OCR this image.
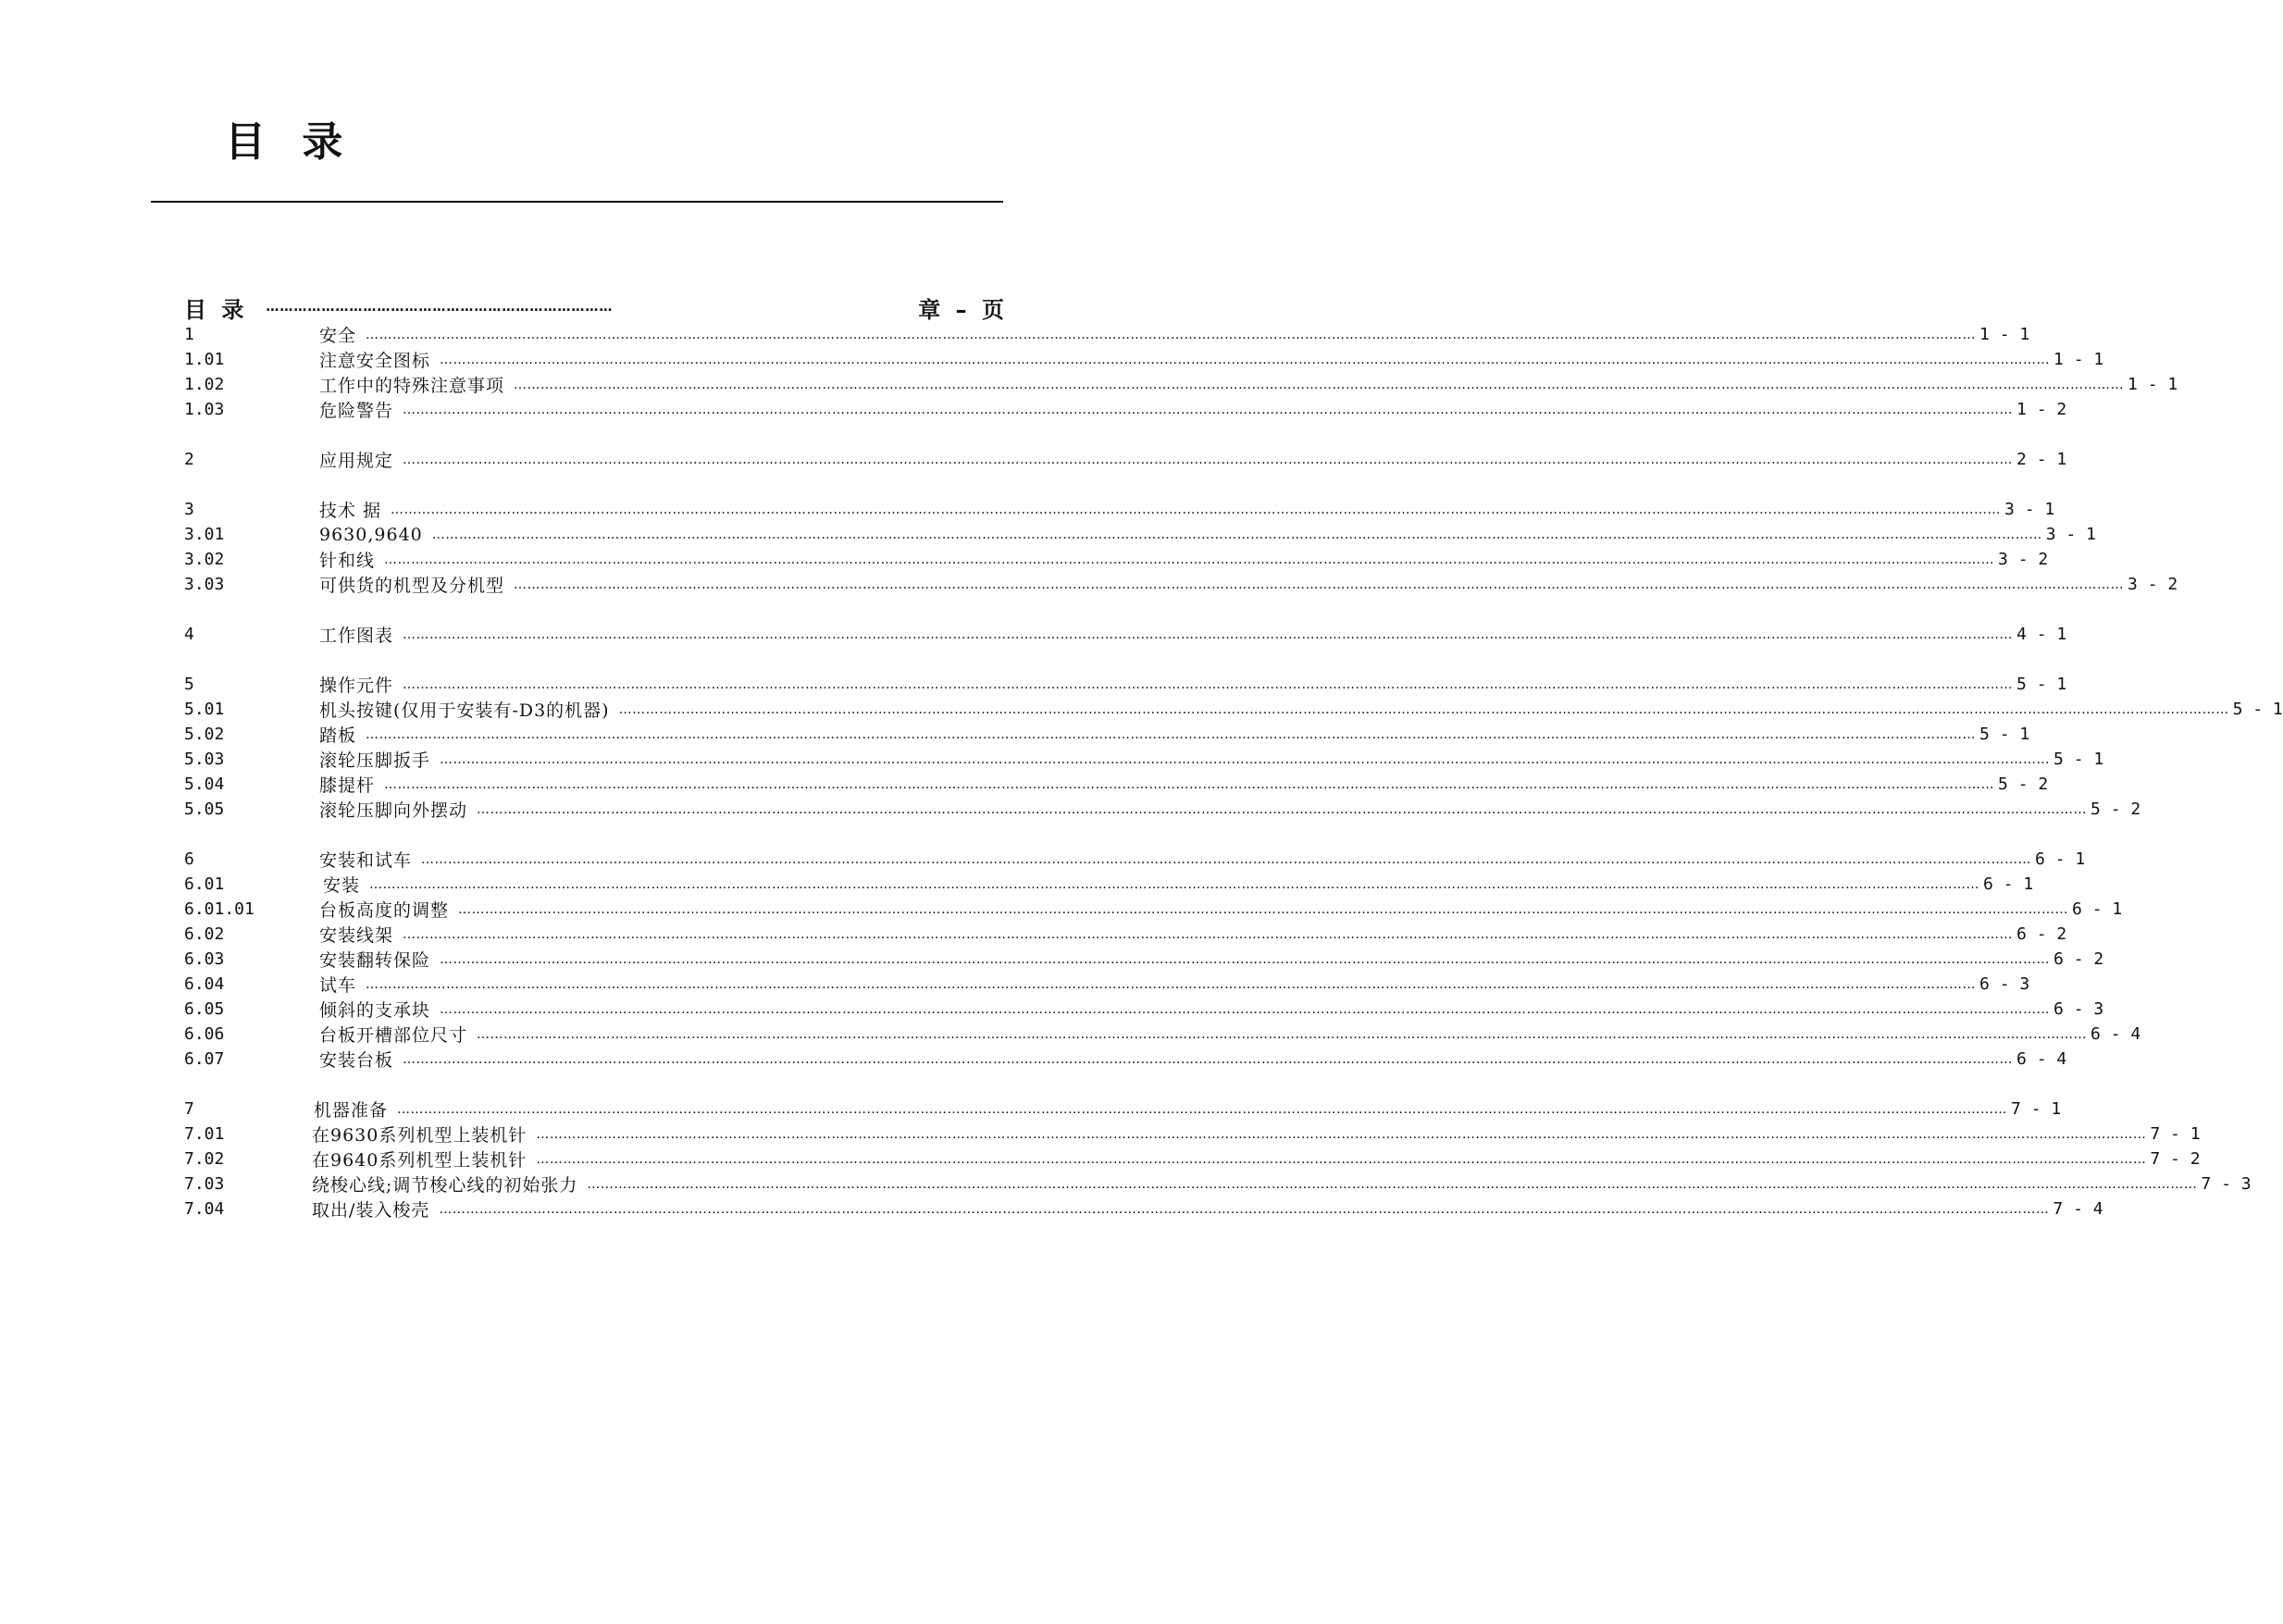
目 录
目 录 …………………………………………………………………	章 – 页
1	安全 ……………………………………………………………………………………………………………………………………………………………………………………………………………………………………………………………………………………………………………………………… 1 - 1
1.01	注意安全图标 ……………………………………………………………………………………………………………………………………………………………………………………………………………………………………………………………………………………………………………………………… 1 - 1
1.02	工作中的特殊注意事项 ……………………………………………………………………………………………………………………………………………………………………………………………………………………………………………………………………………………………………………………………… 1 - 1
1.03	危险警告 ……………………………………………………………………………………………………………………………………………………………………………………………………………………………………………………………………………………………………………………………… 1 - 2
2	应用规定 ……………………………………………………………………………………………………………………………………………………………………………………………………………………………………………………………………………………………………………………………… 2 - 1
3	技术 据 ……………………………………………………………………………………………………………………………………………………………………………………………………………………………………………………………………………………………………………………………… 3 - 1
3.01	9630,9640 ……………………………………………………………………………………………………………………………………………………………………………………………………………………………………………………………………………………………………………………………… 3 - 1
3.02	针和线 ……………………………………………………………………………………………………………………………………………………………………………………………………………………………………………………………………………………………………………………………… 3 - 2
3.03	可供货的机型及分机型 ……………………………………………………………………………………………………………………………………………………………………………………………………………………………………………………………………………………………………………………………… 3 - 2
4	工作图表 ……………………………………………………………………………………………………………………………………………………………………………………………………………………………………………………………………………………………………………………………… 4 - 1
5	操作元件 ……………………………………………………………………………………………………………………………………………………………………………………………………………………………………………………………………………………………………………………………… 5 - 1
5.01	机头按键(仅用于安装有-D3的机器) ……………………………………………………………………………………………………………………………………………………………………………………………………………………………………………………………………………………………………………………………… 5 - 1
5.02	踏板 ……………………………………………………………………………………………………………………………………………………………………………………………………………………………………………………………………………………………………………………………… 5 - 1
5.03	滚轮压脚扳手 ……………………………………………………………………………………………………………………………………………………………………………………………………………………………………………………………………………………………………………………………… 5 - 1
5.04	膝提杆 ……………………………………………………………………………………………………………………………………………………………………………………………………………………………………………………………………………………………………………………………… 5 - 2
5.05	滚轮压脚向外摆动 ……………………………………………………………………………………………………………………………………………………………………………………………………………………………………………………………………………………………………………………………… 5 - 2
6	安装和试车 ……………………………………………………………………………………………………………………………………………………………………………………………………………………………………………………………………………………………………………………………… 6 - 1
6.01	安装 ……………………………………………………………………………………………………………………………………………………………………………………………………………………………………………………………………………………………………………………………… 6 - 1
6.01.01	台板高度的调整 ……………………………………………………………………………………………………………………………………………………………………………………………………………………………………………………………………………………………………………………………… 6 - 1
6.02	安装线架 ……………………………………………………………………………………………………………………………………………………………………………………………………………………………………………………………………………………………………………………………… 6 - 2
6.03	安装翻转保险 ……………………………………………………………………………………………………………………………………………………………………………………………………………………………………………………………………………………………………………………………… 6 - 2
6.04	试车 ……………………………………………………………………………………………………………………………………………………………………………………………………………………………………………………………………………………………………………………………… 6 - 3
6.05	倾斜的支承块 ……………………………………………………………………………………………………………………………………………………………………………………………………………………………………………………………………………………………………………………………… 6 - 3
6.06	台板开槽部位尺寸 ……………………………………………………………………………………………………………………………………………………………………………………………………………………………………………………………………………………………………………………………… 6 - 4
6.07	安装台板 ……………………………………………………………………………………………………………………………………………………………………………………………………………………………………………………………………………………………………………………………… 6 - 4
7	机器准备 ……………………………………………………………………………………………………………………………………………………………………………………………………………………………………………………………………………………………………………………………… 7 - 1
7.01	在9630系列机型上装机针 ……………………………………………………………………………………………………………………………………………………………………………………………………………………………………………………………………………………………………………………………… 7 - 1
7.02	在9640系列机型上装机针 ……………………………………………………………………………………………………………………………………………………………………………………………………………………………………………………………………………………………………………………………… 7 - 2
7.03	绕梭心线;调节梭心线的初始张力 ……………………………………………………………………………………………………………………………………………………………………………………………………………………………………………………………………………………………………………………………… 7 - 3
7.04	取出/装入梭壳 ……………………………………………………………………………………………………………………………………………………………………………………………………………………………………………………………………………………………………………………………… 7 - 4
